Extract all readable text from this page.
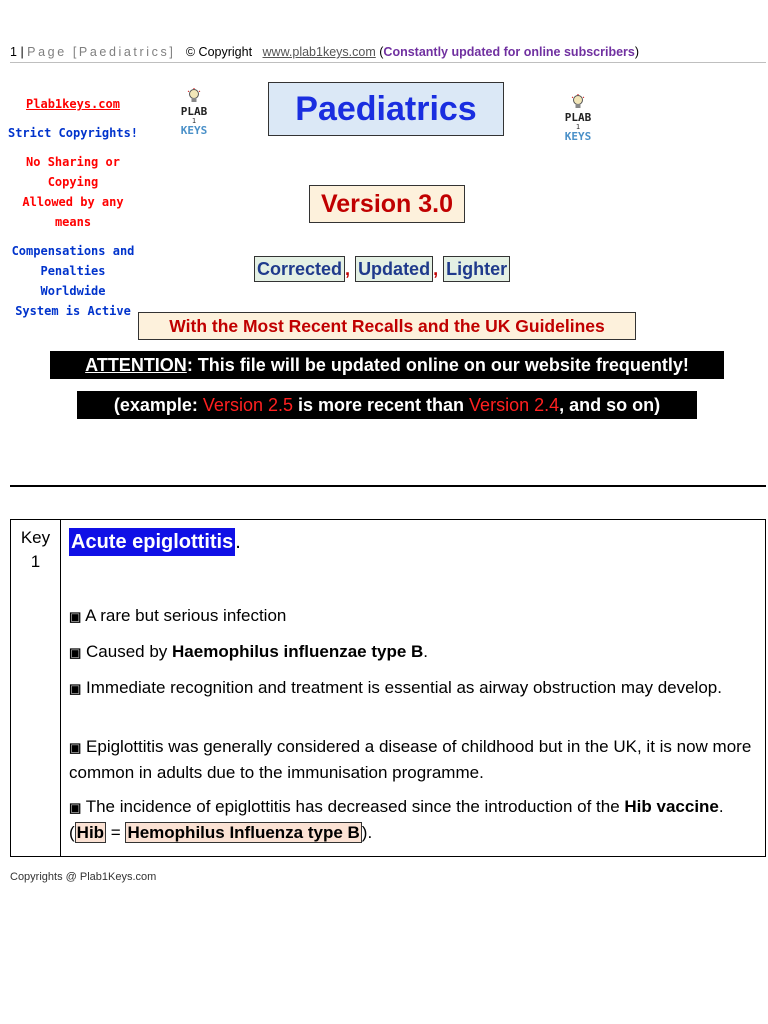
1 | Page [Paediatrics] © Copyright www.plab1keys.com (Constantly updated for online subscribers)
Plab1keys.com
Strict Copyrights!
No Sharing or Copying
Allowed by any means
Compensations and
Penalties Worldwide
System is Active
PLAB
1
KEYS
PLAB
1
KEYS
Paediatrics
Version 3.0
Corrected , Updated , Lighter
With the Most Recent Recalls and the UK Guidelines
ATTENTION: This file will be updated online on our website frequently!
(example: Version 2.5 is more recent than Version 2.4, and so on)
Key
1
Acute epiglottitis .

▣ A rare but serious infection

▣ Caused by Haemophilus influenzae type B.

▣ Immediate recognition and treatment is essential as airway obstruction may develop.

▣ Epiglottitis was generally considered a disease of childhood but in the UK, it is now more common in adults due to the immunisation programme.

▣ The incidence of epiglottitis has decreased since the introduction of the Hib vaccine. ( Hib = Hemophilus Influenza type B ).

Copyrights @ Plab1Keys.com
